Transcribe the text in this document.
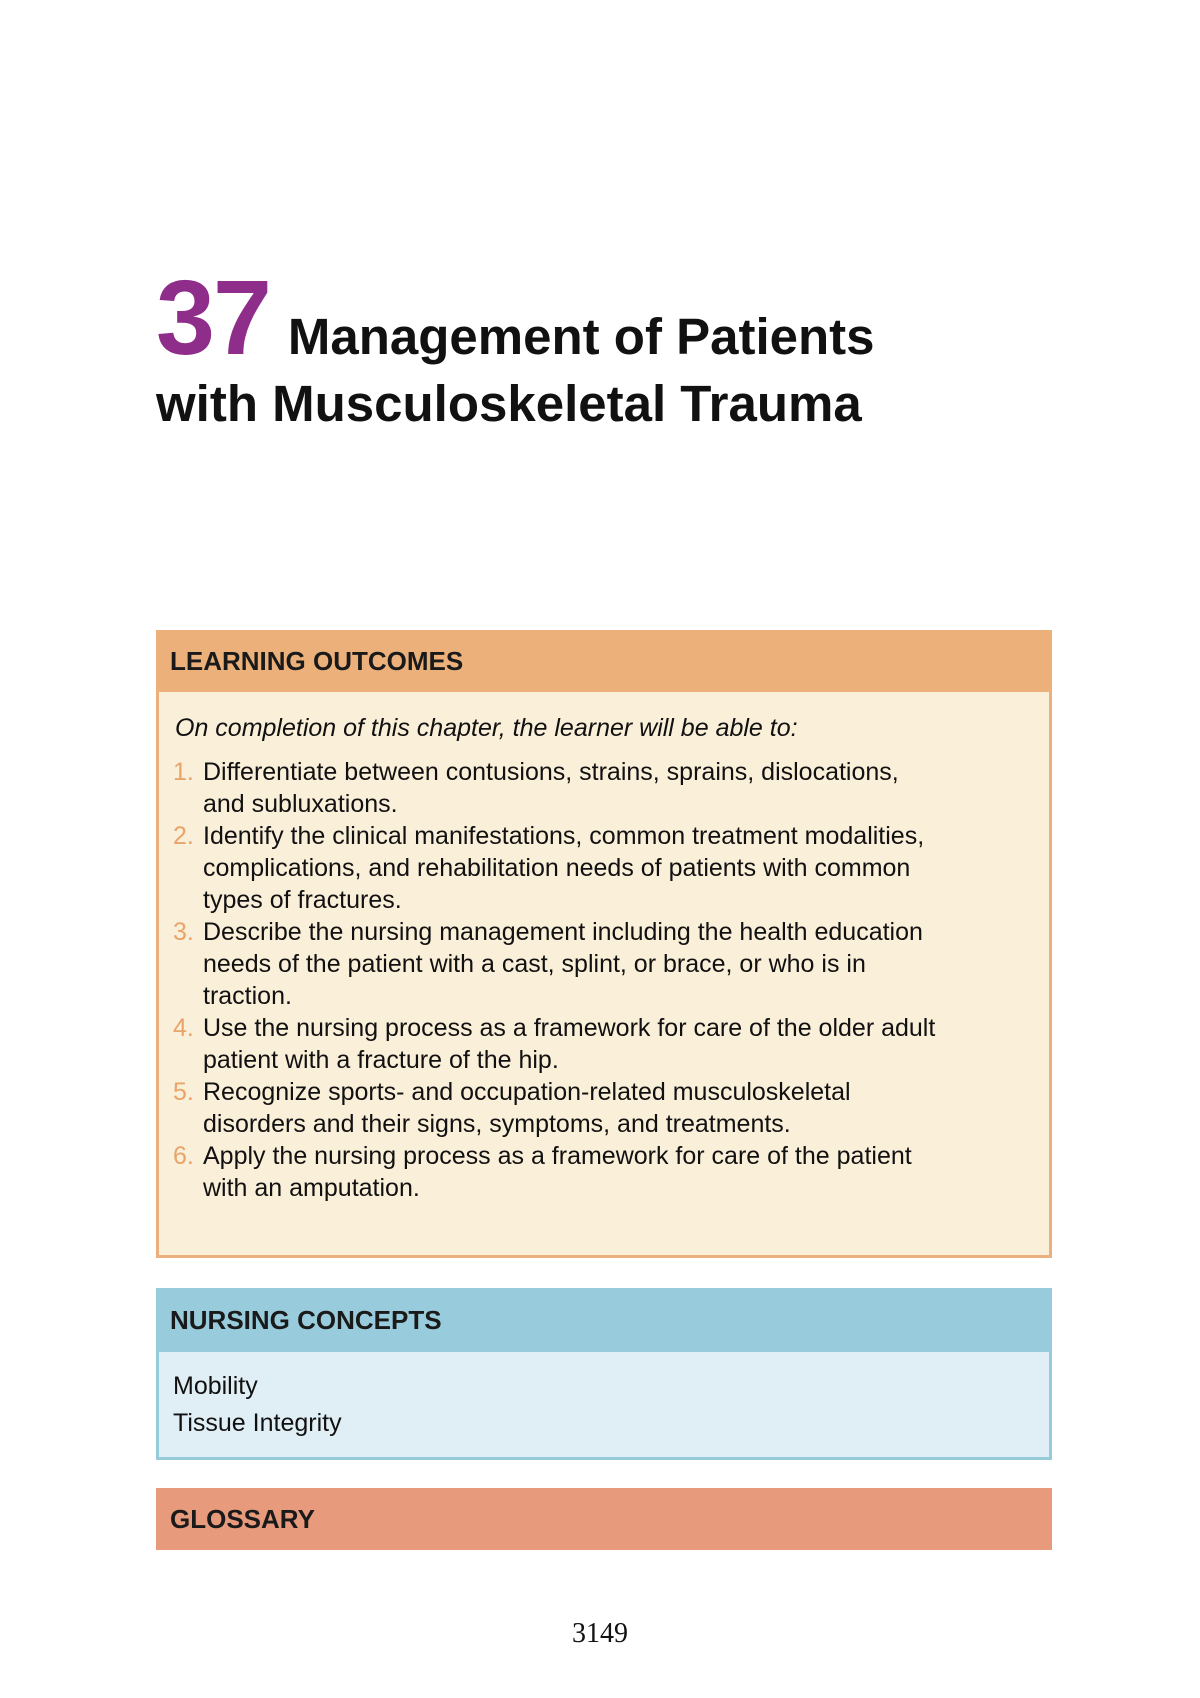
37 Management of Patients
with Musculoskeletal Trauma
LEARNING OUTCOMES

On completion of this chapter, the learner will be able to:

1. Differentiate between contusions, strains, sprains, dislocations,
and subluxations.
2. Identify the clinical manifestations, common treatment modalities,
complications, and rehabilitation needs of patients with common
types of fractures.
3. Describe the nursing management including the health education
needs of the patient with a cast, splint, or brace, or who is in
traction.
4. Use the nursing process as a framework for care of the older adult
patient with a fracture of the hip.
5. Recognize sports- and occupation-related musculoskeletal
disorders and their signs, symptoms, and treatments.
6. Apply the nursing process as a framework for care of the patient
with an amputation.
NURSING CONCEPTS

Mobility

Tissue Integrity

GLOSSARY
3149
